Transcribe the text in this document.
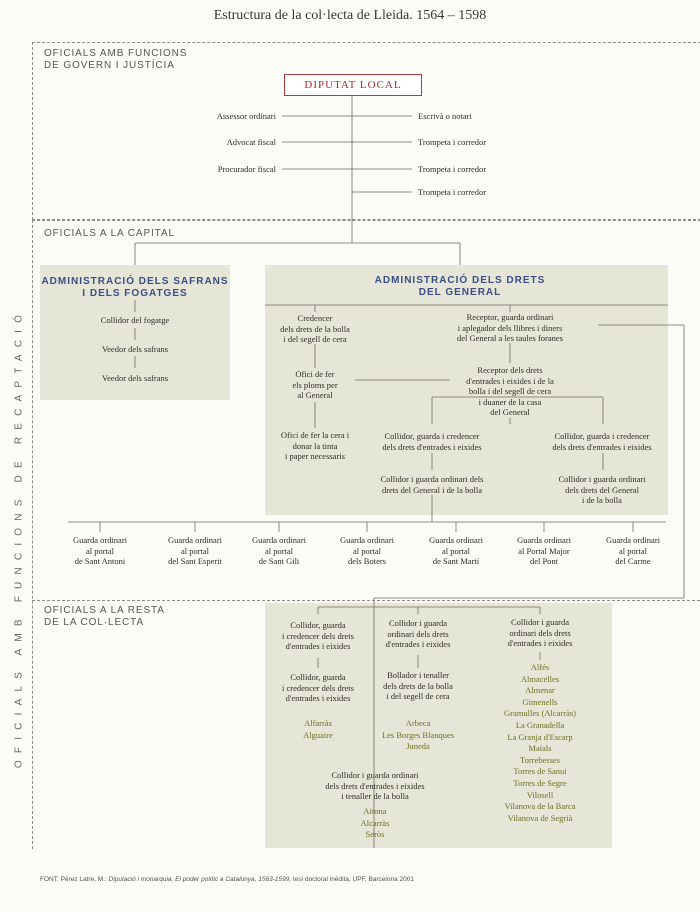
Estructura de la col·lecta de Lleida. 1564 – 1598
OFICIALS AMB FUNCIONS DE RECAPTACIÓ
OFICIALS AMB FUNCIONS
DE GOVERN I JUSTÍCIA
OFICIALS A LA CAPITAL
OFICIALS A LA RESTA
DE LA COL·LECTA
DIPUTAT LOCAL
Assessor ordinari
Advocat fiscal
Procurador fiscal
Escrivà o notari
Trompeta i corredor
Trompeta i corredor
Trompeta i corredor
ADMINISTRACIÓ DELS SAFRANS
I DELS FOGATGES
Collidor del fogatge
Veedor dels safrans
Veedor dels safrans
ADMINISTRACIÓ DELS DRETS
DEL GENERAL
Credencer
dels drets de la bolla
i del segell de cera
Ofici de fer
els ploms per
al General
Ofici de fer la cera i
donar la tinta
i paper necessaris
Receptor, guarda ordinari
i aplegador dels llibres i diners
del General a les taules foranes
Receptor dels drets
d'entrades i eixides i de la
bolla i del segell de cera
i duaner de la casa
del General
Collidor, guarda i credencer
dels drets d'entrades i eixides
Collidor, guarda i credencer
dels drets d'entrades i eixides
Collidor i guarda ordinari dels
drets del General i de la bolla
Collidor i guarda ordinari
dels drets del General
i de la bolla
Guarda ordinari
al portal
de Sant Antoni
Guarda ordinari
al portal
del Sant Esperit
Guarda ordinari
al portal
de Sant Gili
Guarda ordinari
al portal
dels Boters
Guarda ordinari
al portal
de Sant Martí
Guarda ordinari
al Portal Major
del Pont
Guarda ordinari
al portal
del Carme
Collidor, guarda
i credencer dels drets
d'entrades i eixides
Collidor, guarda
i credencer dels drets
d'entrades i eixides
Alfarràs
Alguaire
Collidor i guarda
ordinari dels drets
d'entrades i eixides
Bollador i tenaller
dels drets de la bolla
i del segell de cera
Arbeca
Les Borges Blanques
Juneda
Collidor i guarda
ordinari dels drets
d'entrades i eixides
Alfés
Almacelles
Almenar
Gimenells
Gramulles (Alcarràs)
La Granadella
La Granja d'Escarp
Maials
Torrebesses
Torres de Sanui
Torres de Segre
Vilosell
Vilanova de la Barca
Vilanova de Segrià
Collidor i guarda ordinari
dels drets d'entrades i eixides
i tenaller de la bolla
Aitona
Alcarràs
Seròs
FONT: Pérez Latre, M.: Diputació i monarquia. El poder polític a Catalunya, 1563-1599, tesi doctoral inèdita, UPF, Barcelona 2001
